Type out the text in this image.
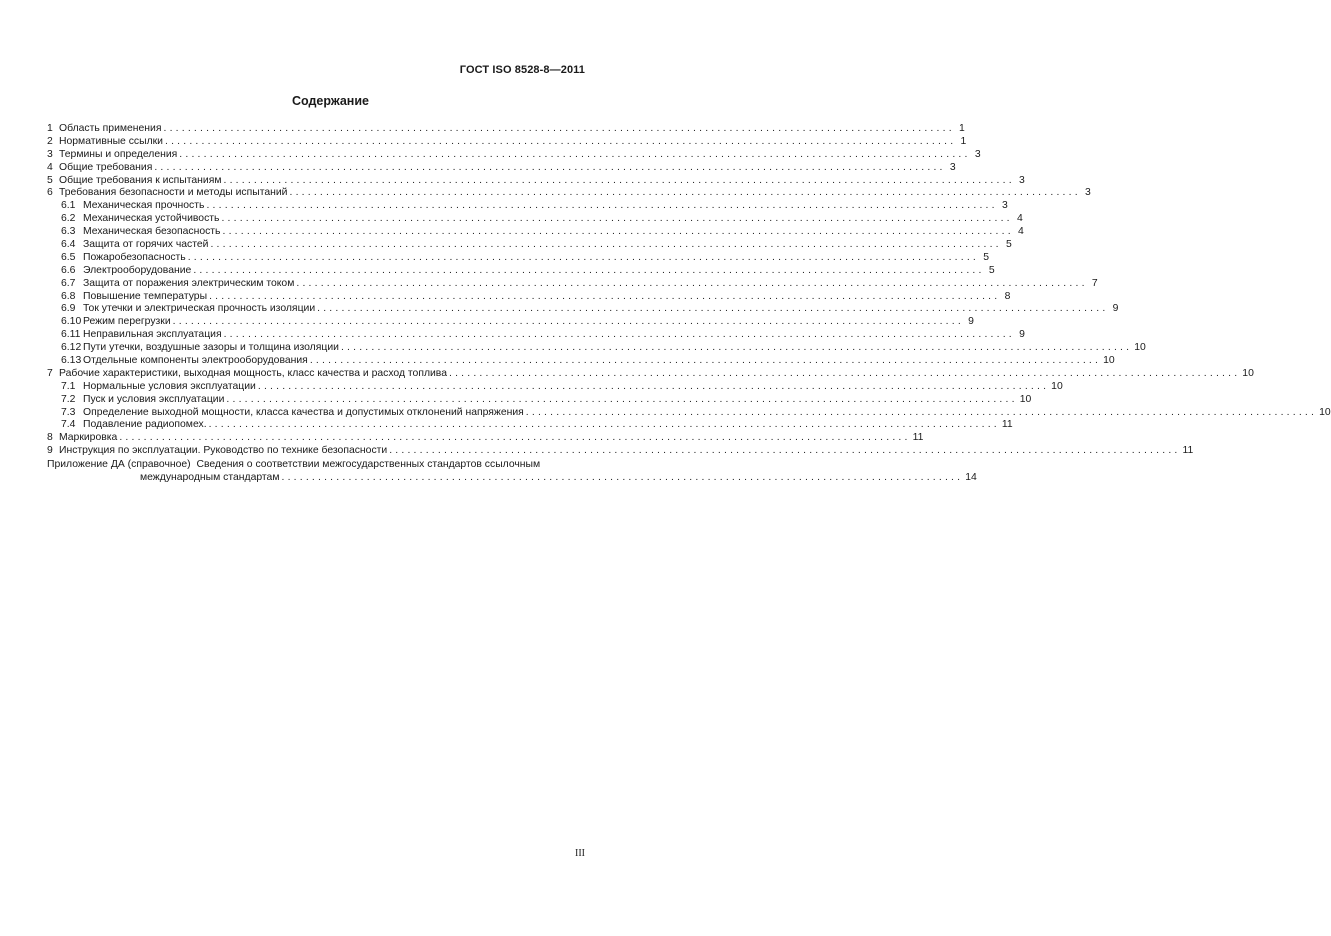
ГОСТ ISO 8528-8—2011
Содержание
1 Область применения .................................................................................................................................. 1
2 Нормативные ссылки .................................................................................................................................. 1
3 Термины и определения .................................................................................................................................. 3
4 Общие требования .................................................................................................................................. 3
5 Общие требования к испытаниям .................................................................................................................................. 3
6 Требования безопасности и методы испытаний .................................................................................................................................. 3
6.1 Механическая прочность .................................................................................................................................. 3
6.2 Механическая устойчивость .................................................................................................................................. 4
6.3 Механическая безопасность .................................................................................................................................. 4
6.4 Защита от горячих частей .................................................................................................................................. 5
6.5 Пожаробезопасность .................................................................................................................................. 5
6.6 Электрооборудование .................................................................................................................................. 5
6.7 Защита от поражения электрическим током .................................................................................................................................. 7
6.8 Повышение температуры .................................................................................................................................. 8
6.9 Ток утечки и электрическая прочность изоляции .................................................................................................................................. 9
6.10 Режим перегрузки .................................................................................................................................. 9
6.11 Неправильная эксплуатация .................................................................................................................................. 9
6.12 Пути утечки, воздушные зазоры и толщина изоляции .................................................................................................................................. 10
6.13 Отдельные компоненты электрооборудования .................................................................................................................................. 10
7 Рабочие характеристики, выходная мощность, класс качества и расход топлива .................................................................................................................................. 10
7.1 Нормальные условия эксплуатации .................................................................................................................................. 10
7.2 Пуск и условия эксплуатации .................................................................................................................................. 10
7.3 Определение выходной мощности, класса качества и допустимых отклонений напряжения .................................................................................................................................. 10
7.4 Подавление радиопомех. .................................................................................................................................. 11
8 Маркировка .................................................................................................................................. 11
9 Инструкция по эксплуатации. Руководство по технике безопасности .................................................................................................................................. 11
Приложение ДА (справочное) Сведения о соответствии межгосударственных стандартов ссылочным
международным стандартам ................................................................................................................ 14
III
